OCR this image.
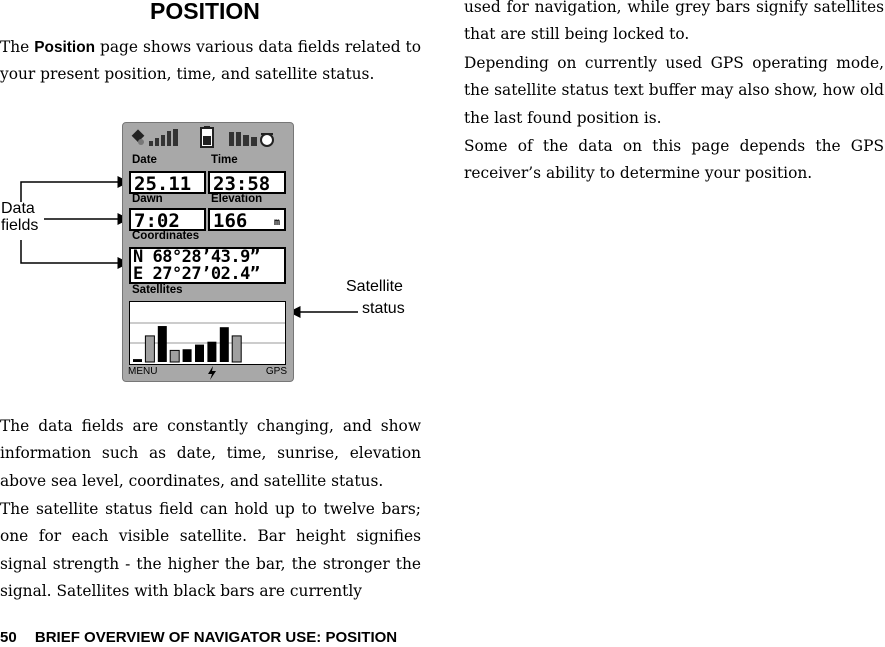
POSITION

The Position page shows various data fields related to your present position, time, and satellite status.

The data fields are constantly changing, and show information such as date, time, sunrise, elevation above sea level, coordinates, and satellite status.

The satellite status field can hold up to twelve bars; one for each visible satellite. Bar height signifies signal strength - the higher the bar, the stronger the signal. Satellites with black bars are currently

used for navigation, while grey bars signify satellites that are still being locked to.

Depending on currently used GPS operating mode, the satellite status text buffer may also show, how old the last found position is.

Some of the data on this page depends the GPS receiver’s ability to determine your position.

Data
fields
Satellite
status
Date	Time
25.11 23:58
Dawn	Elevation
7:02 166	m
Coordinates
N 68°28’43.9”
E 27°27’02.4”
Satellites
MENU	GPS
50 BRIEF OVERVIEW OF NAVIGATOR USE: POSITION
